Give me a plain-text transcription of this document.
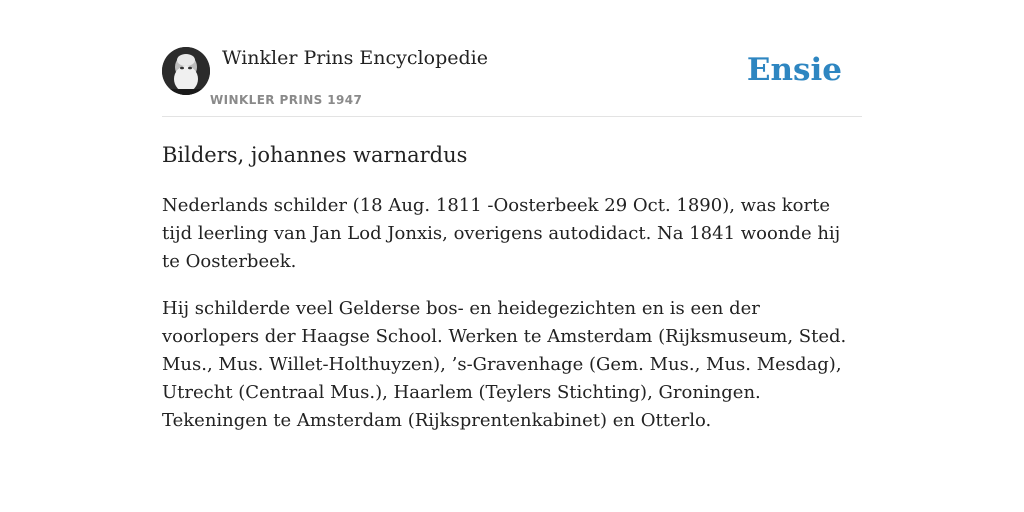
Winkler Prins Encyclopedie
WINKLER PRINS 1947
Ensie
Bilders, johannes warnardus

Nederlands schilder (18 Aug. 1811 -Oosterbeek 29 Oct. 1890), was korte tijd leerling van Jan Lod Jonxis, overigens autodidact. Na 1841 woonde hij te Oosterbeek.

Hij schilderde veel Gelderse bos- en heidegezichten en is een der voorlopers der Haagse School. Werken te Amsterdam (Rijksmuseum, Sted. Mus., Mus. Willet-Holthuyzen), ’s-Gravenhage (Gem. Mus., Mus. Mesdag), Utrecht (Centraal Mus.), Haarlem (Teylers Stichting), Groningen. Tekeningen te Amsterdam (Rijksprentenkabinet) en Otterlo.
